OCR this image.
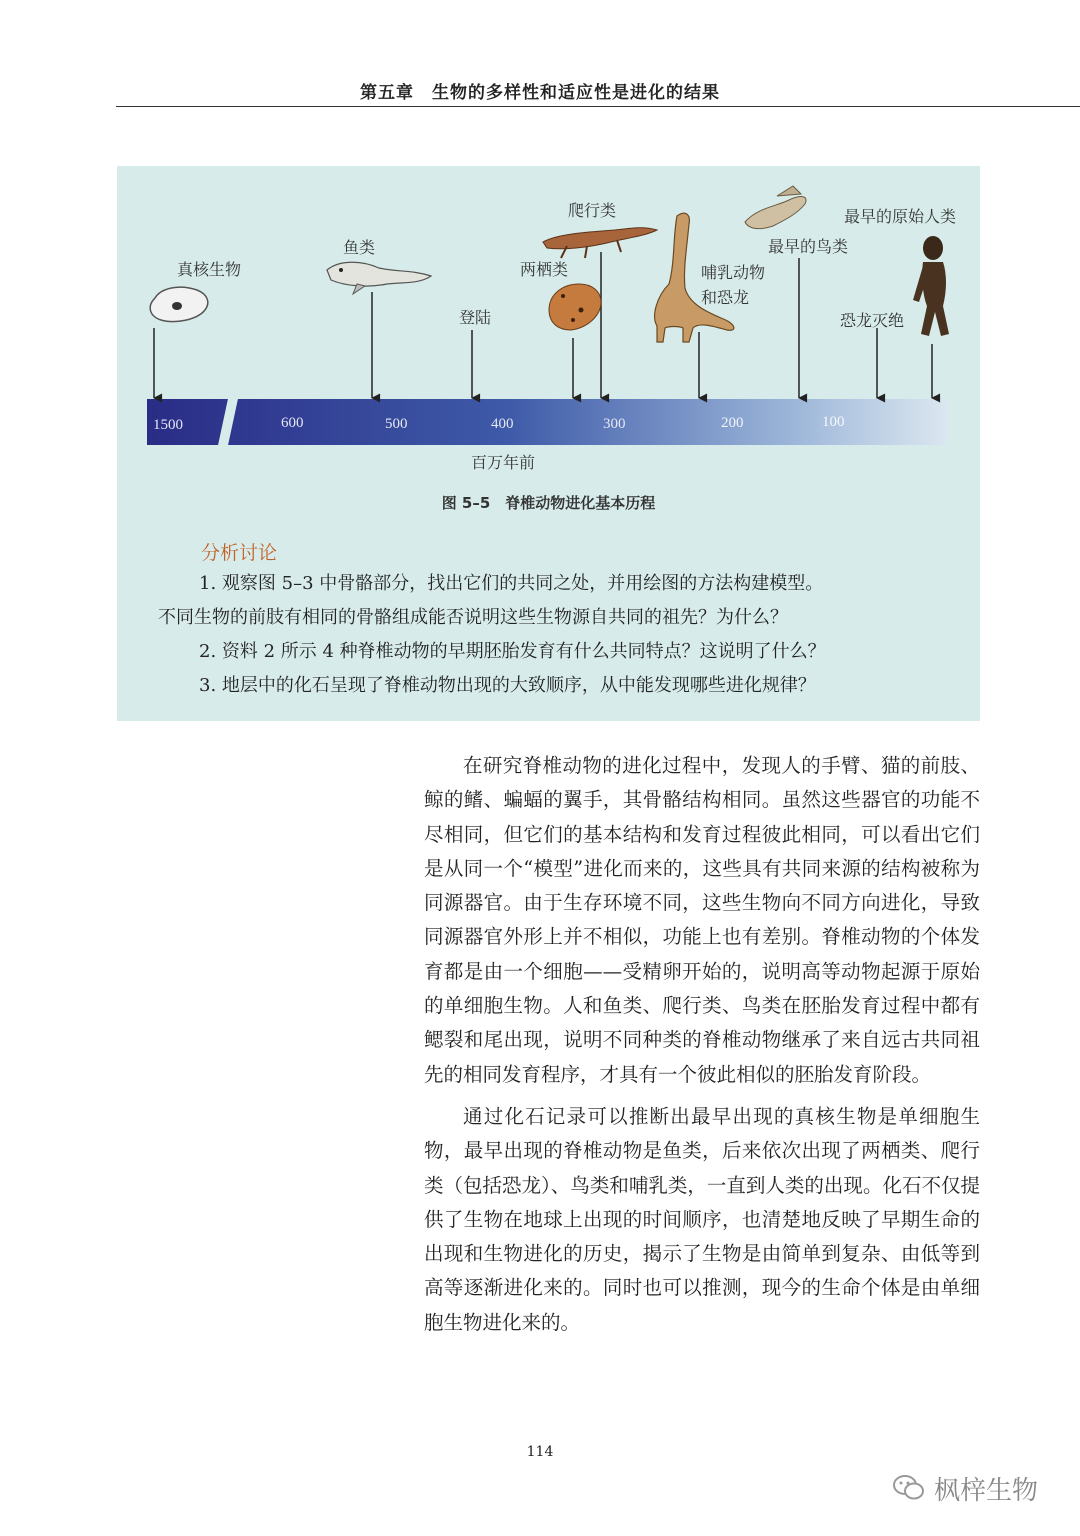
第五章　生物的多样性和适应性是进化的结果
1500	600	500	400	300	200	100
真核生物
鱼类
登陆
两栖类
爬行类
哺乳动物
和恐龙
最早的鸟类
恐龙灭绝
最早的原始人类
百万年前
图 5–5　脊椎动物进化基本历程
分析讨论
1. 观察图 5–3 中骨骼部分，找出它们的共同之处，并用绘图的方法构建模型。
不同生物的前肢有相同的骨骼组成能否说明这些生物源自共同的祖先？为什么？
2. 资料 2 所示 4 种脊椎动物的早期胚胎发育有什么共同特点？这说明了什么？
3. 地层中的化石呈现了脊椎动物出现的大致顺序，从中能发现哪些进化规律？

在研究脊椎动物的进化过程中，发现人的手臂、猫的前肢、鲸的鳍、蝙蝠的翼手，其骨骼结构相同。虽然这些器官的功能不尽相同，但它们的基本结构和发育过程彼此相同，可以看出它们是从同一个“模型”进化而来的，这些具有共同来源的结构被称为同源器官。由于生存环境不同，这些生物向不同方向进化，导致同源器官外形上并不相似，功能上也有差别。脊椎动物的个体发育都是由一个细胞——受精卵开始的，说明高等动物起源于原始的单细胞生物。人和鱼类、爬行类、鸟类在胚胎发育过程中都有鳃裂和尾出现，说明不同种类的脊椎动物继承了来自远古共同祖先的相同发育程序，才具有一个彼此相似的胚胎发育阶段。

通过化石记录可以推断出最早出现的真核生物是单细胞生物，最早出现的脊椎动物是鱼类，后来依次出现了两栖类、爬行类（包括恐龙）、鸟类和哺乳类，一直到人类的出现。化石不仅提供了生物在地球上出现的时间顺序，也清楚地反映了早期生命的出现和生物进化的历史，揭示了生物是由简单到复杂、由低等到高等逐渐进化来的。同时也可以推测，现今的生命个体是由单细胞生物进化来的。

114
枫梓生物
